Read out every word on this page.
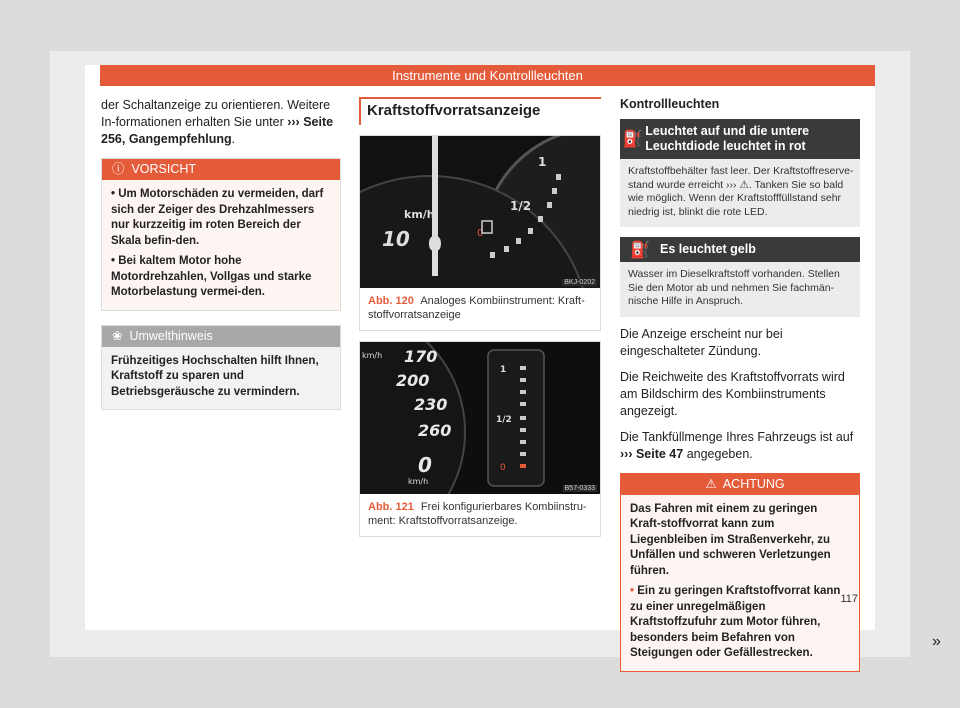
Instrumente und Kontrollleuchten

der Schaltanzeige zu orientieren. Weitere In-formationen erhalten Sie unter ››› Seite 256, Gangempfehlung.

ⓘ VORSICHT
• Um Motorschäden zu vermeiden, darf sich der Zeiger des Drehzahlmessers nur kurzzeitig im roten Bereich der Skala befin-den.
• Bei kaltem Motor hohe Motordrehzahlen, Vollgas und starke Motorbelastung vermei-den.
❀ Umwelthinweis
Frühzeitiges Hochschalten hilft Ihnen, Kraftstoff zu sparen und Betriebsgeräusche zu vermindern.
Kraftstoffvorratsanzeige
km/h
10 0
1
1/2
0
BKJ-0202
Abb. 120 Analoges Kombiinstrument: Kraft-stoffvorratsanzeige
170
200
230
260
0
km/h
km/h
1
1/2
0
B57-0333
Abb. 121 Frei konfigurierbares Kombiinstru-ment: Kraftstoffvorratsanzeige.
Kontrollleuchten
⛽ Leuchtet auf und die untere Leuchtdiode leuchtet in rot
Kraftstoffbehälter fast leer. Der Kraftstoffreserve-stand wurde erreicht ››› ⚠. Tanken Sie so bald wie möglich. Wenn der Kraftstofffüllstand sehr niedrig ist, blinkt die rote LED.
⛽ Es leuchtet gelb
Wasser im Dieselkraftstoff vorhanden. Stellen Sie den Motor ab und nehmen Sie fachmän-nische Hilfe in Anspruch.

Die Anzeige erscheint nur bei eingeschalteter Zündung.

Die Reichweite des Kraftstoffvorrats wird am Bildschirm des Kombiinstruments angezeigt.

Die Tankfüllmenge Ihres Fahrzeugs ist auf ››› Seite 47 angegeben.

⚠ ACHTUNG
Das Fahren mit einem zu geringen Kraft-stoffvorrat kann zum Liegenbleiben im Straßenverkehr, zu Unfällen und schweren Verletzungen führen.
• Ein zu geringen Kraftstoffvorrat kann zu einer unregelmäßigen Kraftstoffzufuhr zum Motor führen, besonders beim Befahren von Steigungen oder Gefällestrecken.
»
117
